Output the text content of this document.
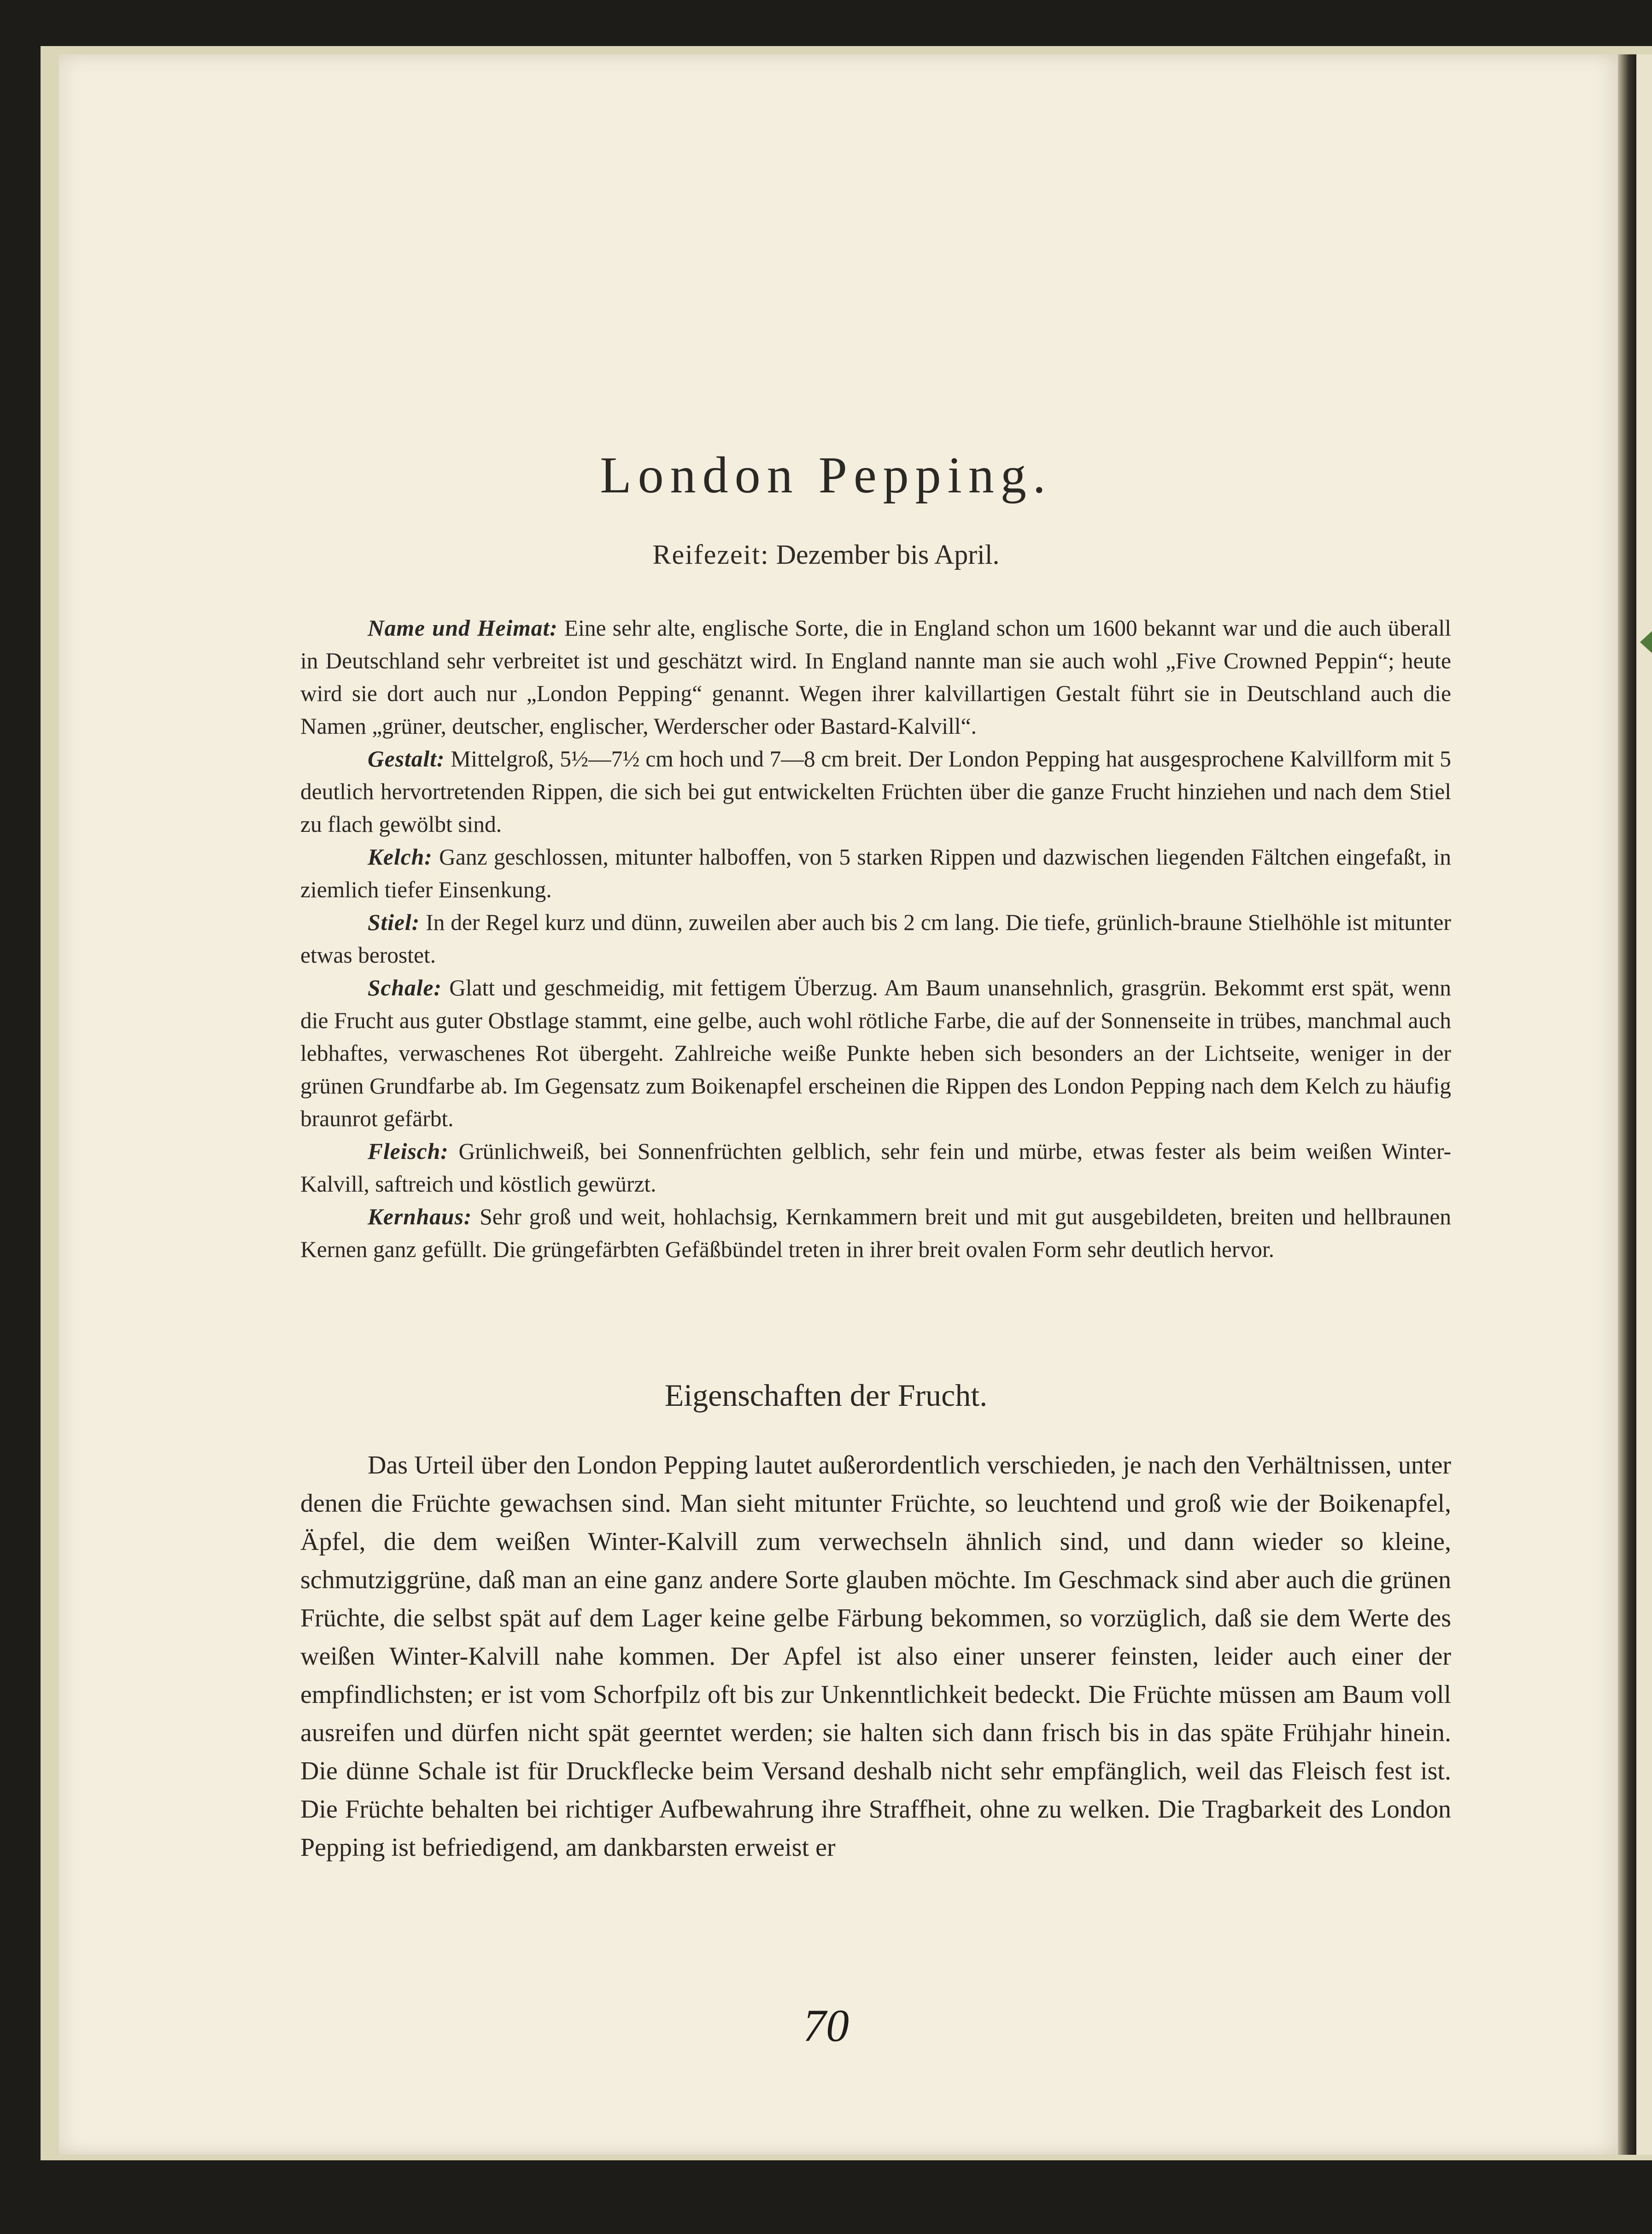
London Pepping.
Reifezeit: Dezember bis April.

Name und Heimat: Eine sehr alte, englische Sorte, die in England schon um 1600 bekannt war und die auch überall in Deutschland sehr verbreitet ist und geschätzt wird. In England nannte man sie auch wohl „Five Crowned Peppin“; heute wird sie dort auch nur „London Pepping“ genannt. Wegen ihrer kalvillartigen Gestalt führt sie in Deutschland auch die Namen „grüner, deutscher, englischer, Werderscher oder Bastard-Kalvill“.

Gestalt: Mittelgroß, 5½—7½ cm hoch und 7—8 cm breit. Der London Pepping hat ausgesprochene Kalvillform mit 5 deutlich hervortretenden Rippen, die sich bei gut entwickelten Früchten über die ganze Frucht hinziehen und nach dem Stiel zu flach gewölbt sind.

Kelch: Ganz geschlossen, mitunter halboffen, von 5 starken Rippen und dazwischen liegenden Fältchen eingefaßt, in ziemlich tiefer Einsenkung.

Stiel: In der Regel kurz und dünn, zuweilen aber auch bis 2 cm lang. Die tiefe, grünlich-braune Stielhöhle ist mitunter etwas berostet.

Schale: Glatt und geschmeidig, mit fettigem Überzug. Am Baum unansehnlich, grasgrün. Bekommt erst spät, wenn die Frucht aus guter Obstlage stammt, eine gelbe, auch wohl rötliche Farbe, die auf der Sonnenseite in trübes, manchmal auch lebhaftes, verwaschenes Rot übergeht. Zahlreiche weiße Punkte heben sich besonders an der Lichtseite, weniger in der grünen Grundfarbe ab. Im Gegensatz zum Boikenapfel erscheinen die Rippen des London Pepping nach dem Kelch zu häufig braunrot gefärbt.

Fleisch: Grünlichweiß, bei Sonnenfrüchten gelblich, sehr fein und mürbe, etwas fester als beim weißen Winter-Kalvill, saftreich und köstlich gewürzt.

Kernhaus: Sehr groß und weit, hohlachsig, Kernkammern breit und mit gut ausgebildeten, breiten und hellbraunen Kernen ganz gefüllt. Die grüngefärbten Gefäßbündel treten in ihrer breit ovalen Form sehr deutlich hervor.

Eigenschaften der Frucht.

Das Urteil über den London Pepping lautet außerordentlich verschieden, je nach den Verhältnissen, unter denen die Früchte gewachsen sind. Man sieht mitunter Früchte, so leuchtend und groß wie der Boikenapfel, Äpfel, die dem weißen Winter-Kalvill zum verwechseln ähnlich sind, und dann wieder so kleine, schmutziggrüne, daß man an eine ganz andere Sorte glauben möchte. Im Geschmack sind aber auch die grünen Früchte, die selbst spät auf dem Lager keine gelbe Färbung bekommen, so vorzüglich, daß sie dem Werte des weißen Winter-Kalvill nahe kommen. Der Apfel ist also einer unserer feinsten, leider auch einer der empfindlichsten; er ist vom Schorfpilz oft bis zur Unkenntlichkeit bedeckt. Die Früchte müssen am Baum voll ausreifen und dürfen nicht spät geerntet werden; sie halten sich dann frisch bis in das späte Frühjahr hinein. Die dünne Schale ist für Druckflecke beim Versand deshalb nicht sehr empfänglich, weil das Fleisch fest ist. Die Früchte behalten bei richtiger Aufbewahrung ihre Straffheit, ohne zu welken. Die Tragbarkeit des London Pepping ist befriedigend, am dankbarsten erweist er

70
